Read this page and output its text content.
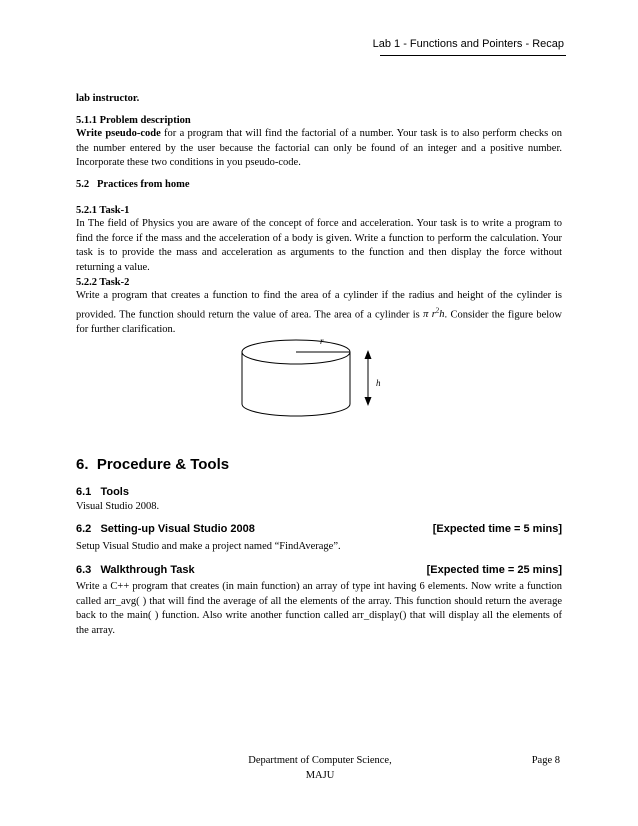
Lab 1 - Functions and Pointers - Recap
lab instructor.
5.1.1 Problem description
Write pseudo-code for a program that will find the factorial of a number. Your task is to also perform checks on the number entered by the user because the factorial can only be found of an integer and a positive number. Incorporate these two conditions in you pseudo-code.
5.2   Practices from home
5.2.1 Task-1
In The field of Physics you are aware of the concept of force and acceleration. Your task is to write a program to find the force if the mass and the acceleration of a body is given. Write a function to perform the calculation. Your task is to provide the mass and acceleration as arguments to the function and then display the force without returning a value.
5.2.2 Task-2
Write a program that creates a function to find the area of a cylinder if the radius and height of the cylinder is provided. The function should return the value of area. The area of a cylinder is π $r^2h$. Consider the figure below for further clarification.
r
h
6.  Procedure & Tools
6.1   Tools
Visual Studio 2008.
6.2   Setting-up Visual Studio 2008	[Expected time = 5 mins]
Setup Visual Studio and make a project named “FindAverage”.
6.3   Walkthrough Task	[Expected time = 25 mins]
Write a C++ program that creates (in main function) an array of type int having 6 elements. Now write a function called arr_avg( ) that will find the average of all the elements of the array. This function should return the average back to the main( ) function. Also write another function called arr_display() that will display all the elements of the array.
Department of Computer Science,
MAJU
Page 8
